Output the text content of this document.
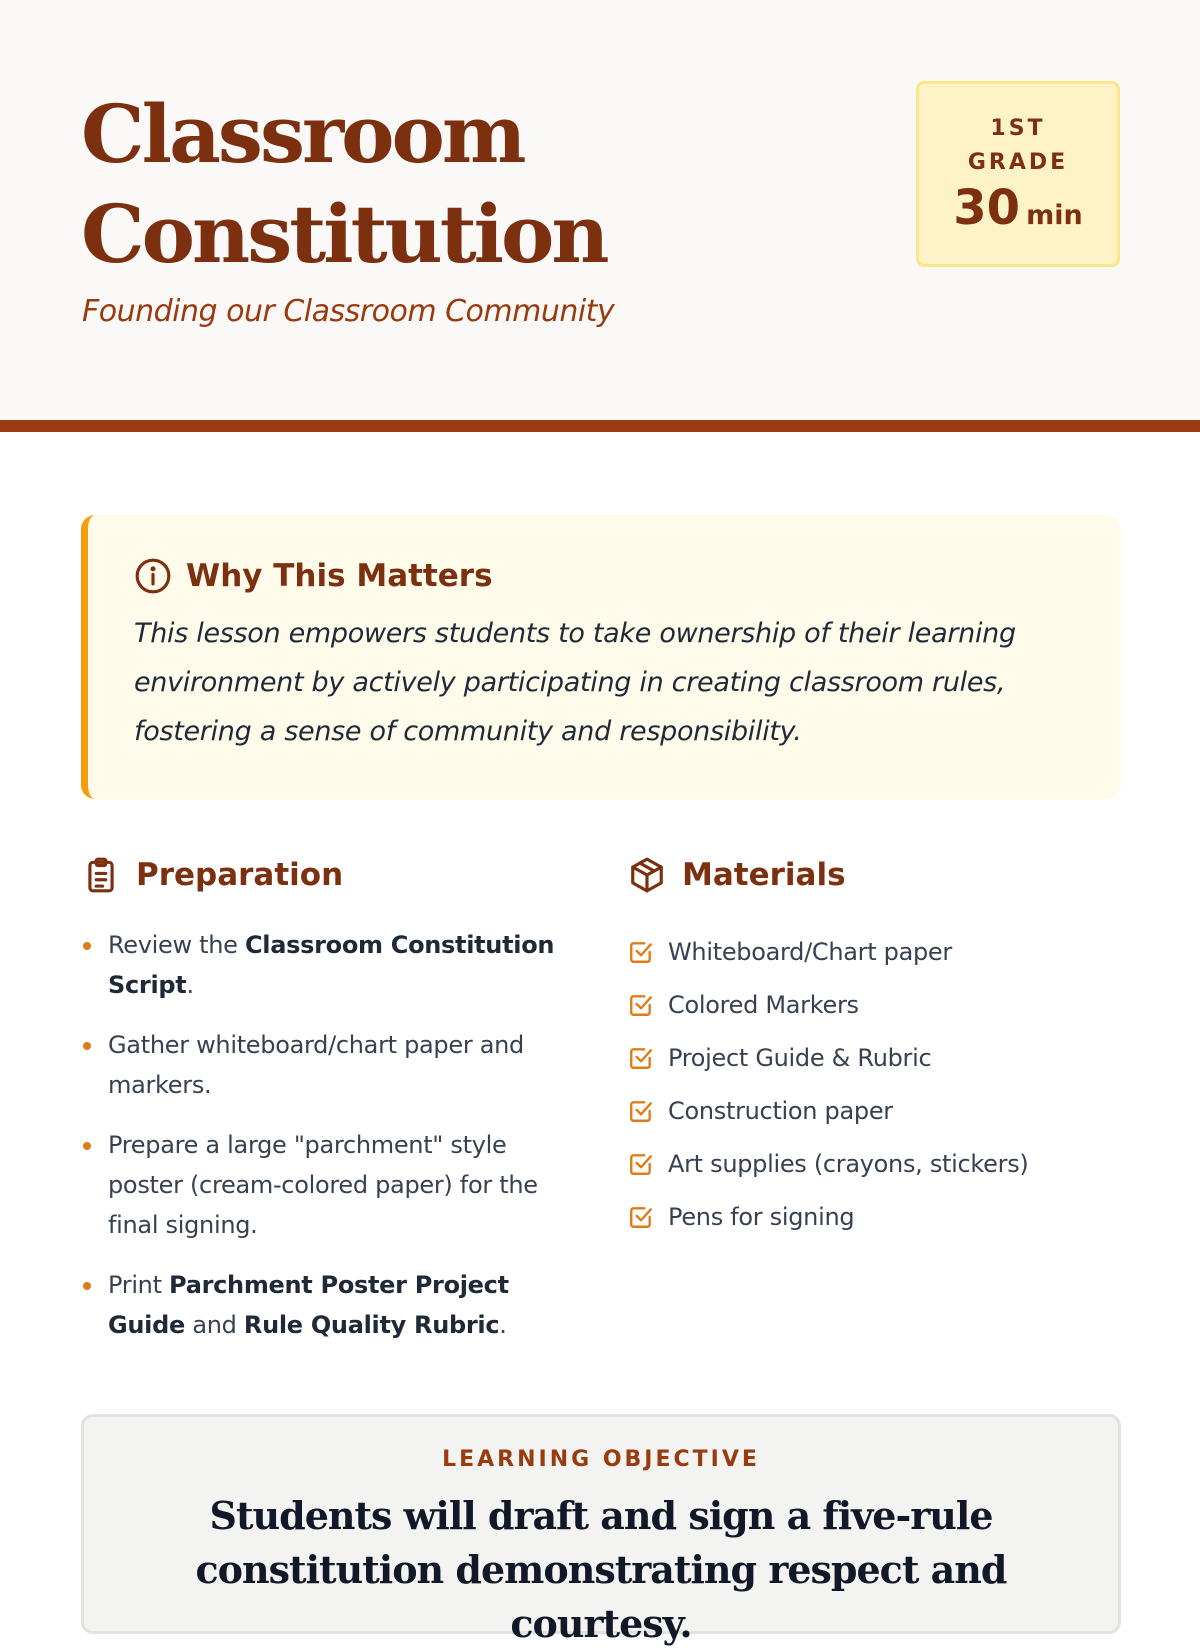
Classroom
Constitution

Founding our Classroom Community

1ST GRADE
30 min
Why This Matters

This lesson empowers students to take ownership of their learning environment by actively participating in creating classroom rules, fostering a sense of community and responsibility.

Preparation
Review the Classroom Constitution Script.
Gather whiteboard/chart paper and markers.
Prepare a large "parchment" style poster (cream-colored paper) for the final signing.
Print Parchment Poster Project Guide and Rule Quality Rubric.
Materials
Whiteboard/Chart paper
Colored Markers
Project Guide & Rubric
Construction paper
Art supplies (crayons, stickers)
Pens for signing
LEARNING OBJECTIVE

Students will draft and sign a five-rule constitution demonstrating respect and courtesy.
